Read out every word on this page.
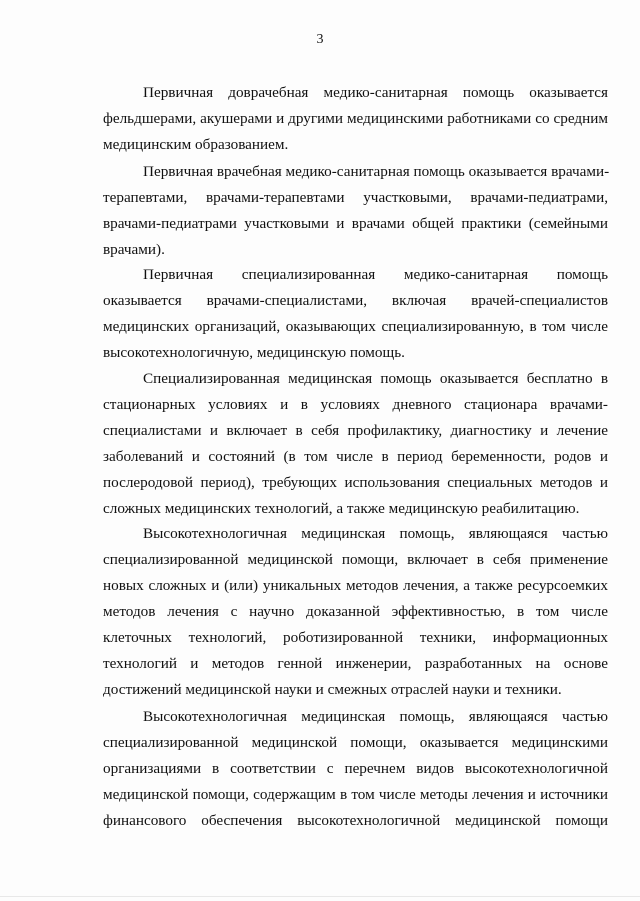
3
Первичная доврачебная медико-санитарная помощь оказывается
фельдшерами, акушерами и другими медицинскими работниками со средним
медицинским образованием.
Первичная врачебная медико-санитарная помощь оказывается врачами-
терапевтами, врачами-терапевтами участковыми, врачами-педиатрами,
врачами-педиатрами участковыми и врачами общей практики (семейными
врачами).
Первичная специализированная медико-санитарная помощь
оказывается врачами-специалистами, включая врачей-специалистов
медицинских организаций, оказывающих специализированную, в том числе
высокотехнологичную, медицинскую помощь.
Специализированная медицинская помощь оказывается бесплатно в
стационарных условиях и в условиях дневного стационара врачами-
специалистами и включает в себя профилактику, диагностику и лечение
заболеваний и состояний (в том числе в период беременности, родов и
послеродовой период), требующих использования специальных методов и
сложных медицинских технологий, а также медицинскую реабилитацию.
Высокотехнологичная медицинская помощь, являющаяся частью
специализированной медицинской помощи, включает в себя применение
новых сложных и (или) уникальных методов лечения, а также ресурсоемких
методов лечения с научно доказанной эффективностью, в том числе
клеточных технологий, роботизированной техники, информационных
технологий и методов генной инженерии, разработанных на основе
достижений медицинской науки и смежных отраслей науки и техники.
Высокотехнологичная медицинская помощь, являющаяся частью
специализированной медицинской помощи, оказывается медицинскими
организациями в соответствии с перечнем видов высокотехнологичной
медицинской помощи, содержащим в том числе методы лечения и источники
финансового обеспечения высокотехнологичной медицинской помощи
